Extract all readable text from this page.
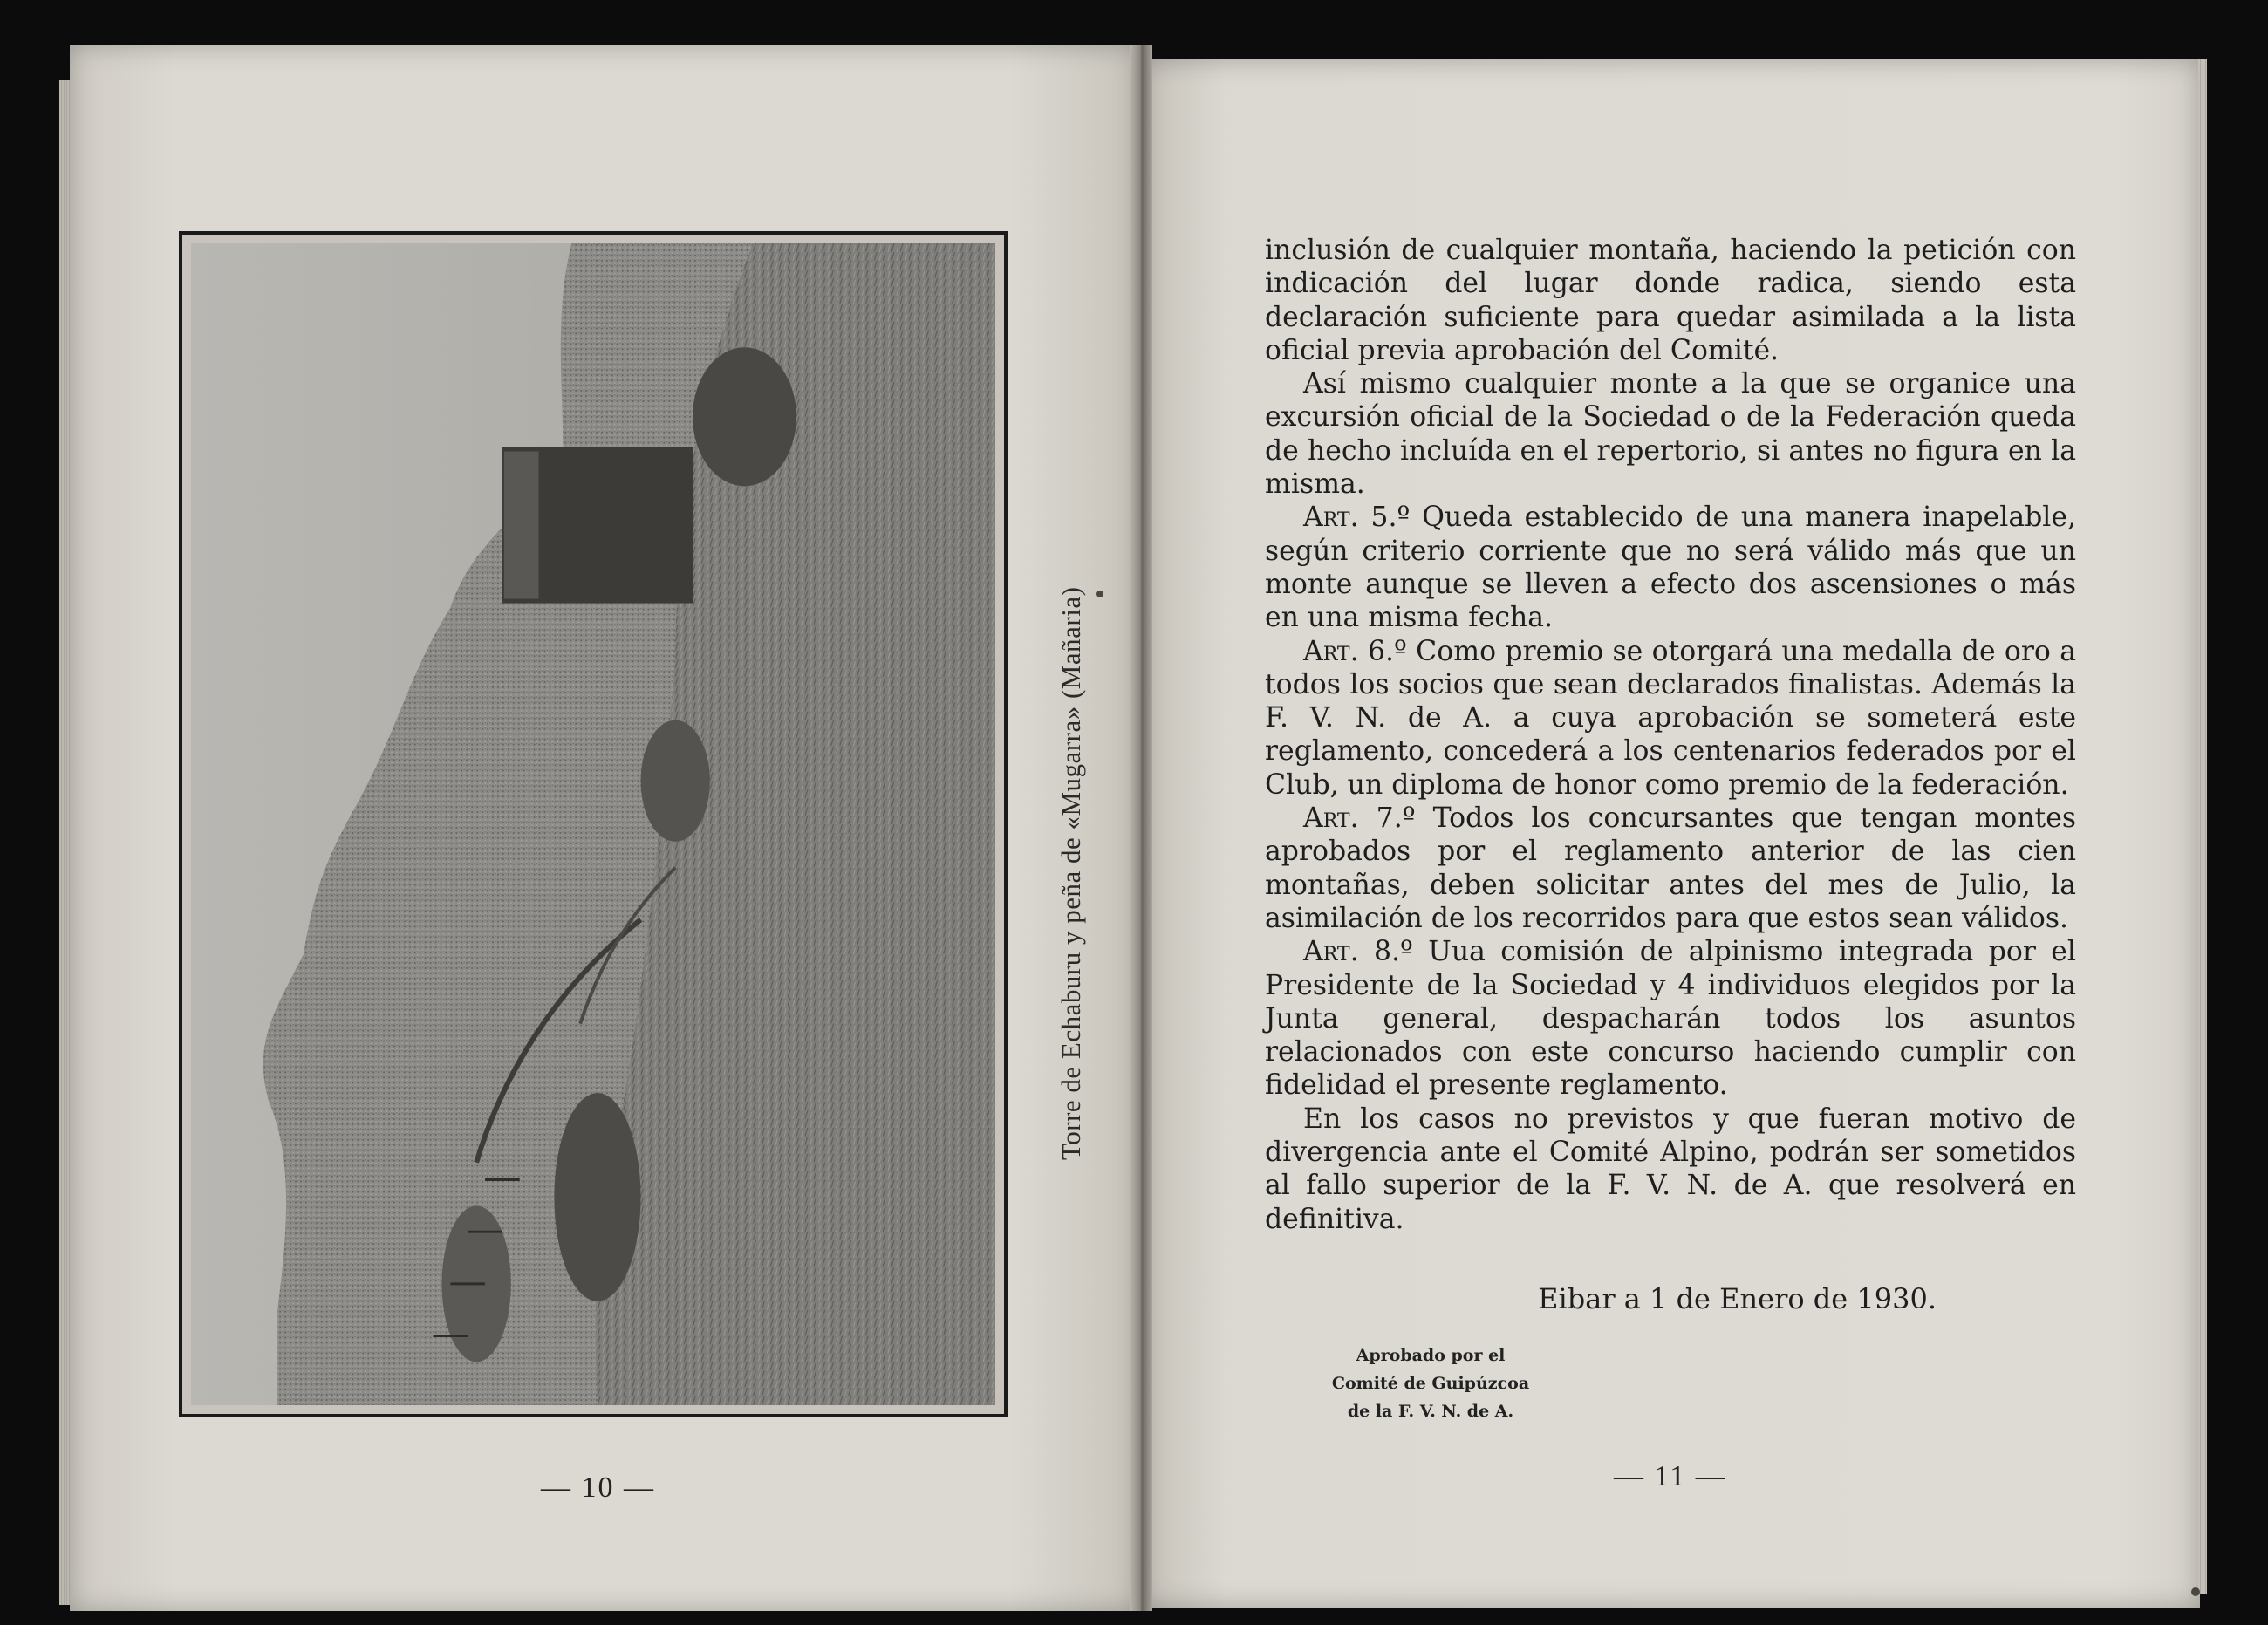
Torre de Echaburu y peña de «Mugarra» (Mañaria)
— 10 —

inclusión de cualquier montaña, haciendo la petición con indicación del lugar donde radica, siendo esta declaración suficiente para quedar asimilada a la lista oficial previa aprobación del Comité.

Así mismo cualquier monte a la que se organice una excursión oficial de la Sociedad o de la Federación queda de hecho incluída en el repertorio, si antes no figura en la misma.

Art. 5.º Queda establecido de una manera inapelable, según criterio corriente que no será válido más que un monte aunque se lleven a efecto dos ascensiones o más en una misma fecha.

Art. 6.º Como premio se otorgará una medalla de oro a todos los socios que sean declarados finalistas. Además la F. V. N. de A. a cuya aprobación se someterá este reglamento, concederá a los centenarios federados por el Club, un diploma de honor como premio de la federación.

Art. 7.º Todos los concursantes que tengan montes aprobados por el reglamento anterior de las cien montañas, deben solicitar antes del mes de Julio, la asimilación de los recorridos para que estos sean válidos.

Art. 8.º Uua comisión de alpinismo integrada por el Presidente de la Sociedad y 4 individuos elegidos por la Junta general, despacharán todos los asuntos relacionados con este concurso haciendo cumplir con fidelidad el presente reglamento.

En los casos no previstos y que fueran motivo de divergencia ante el Comité Alpino, podrán ser sometidos al fallo superior de la F. V. N. de A. que resolverá en definitiva.

Eibar a 1 de Enero de 1930.
Aprobado por el
Comité de Guipúzcoa
de la F. V. N. de A.
— 11 —
